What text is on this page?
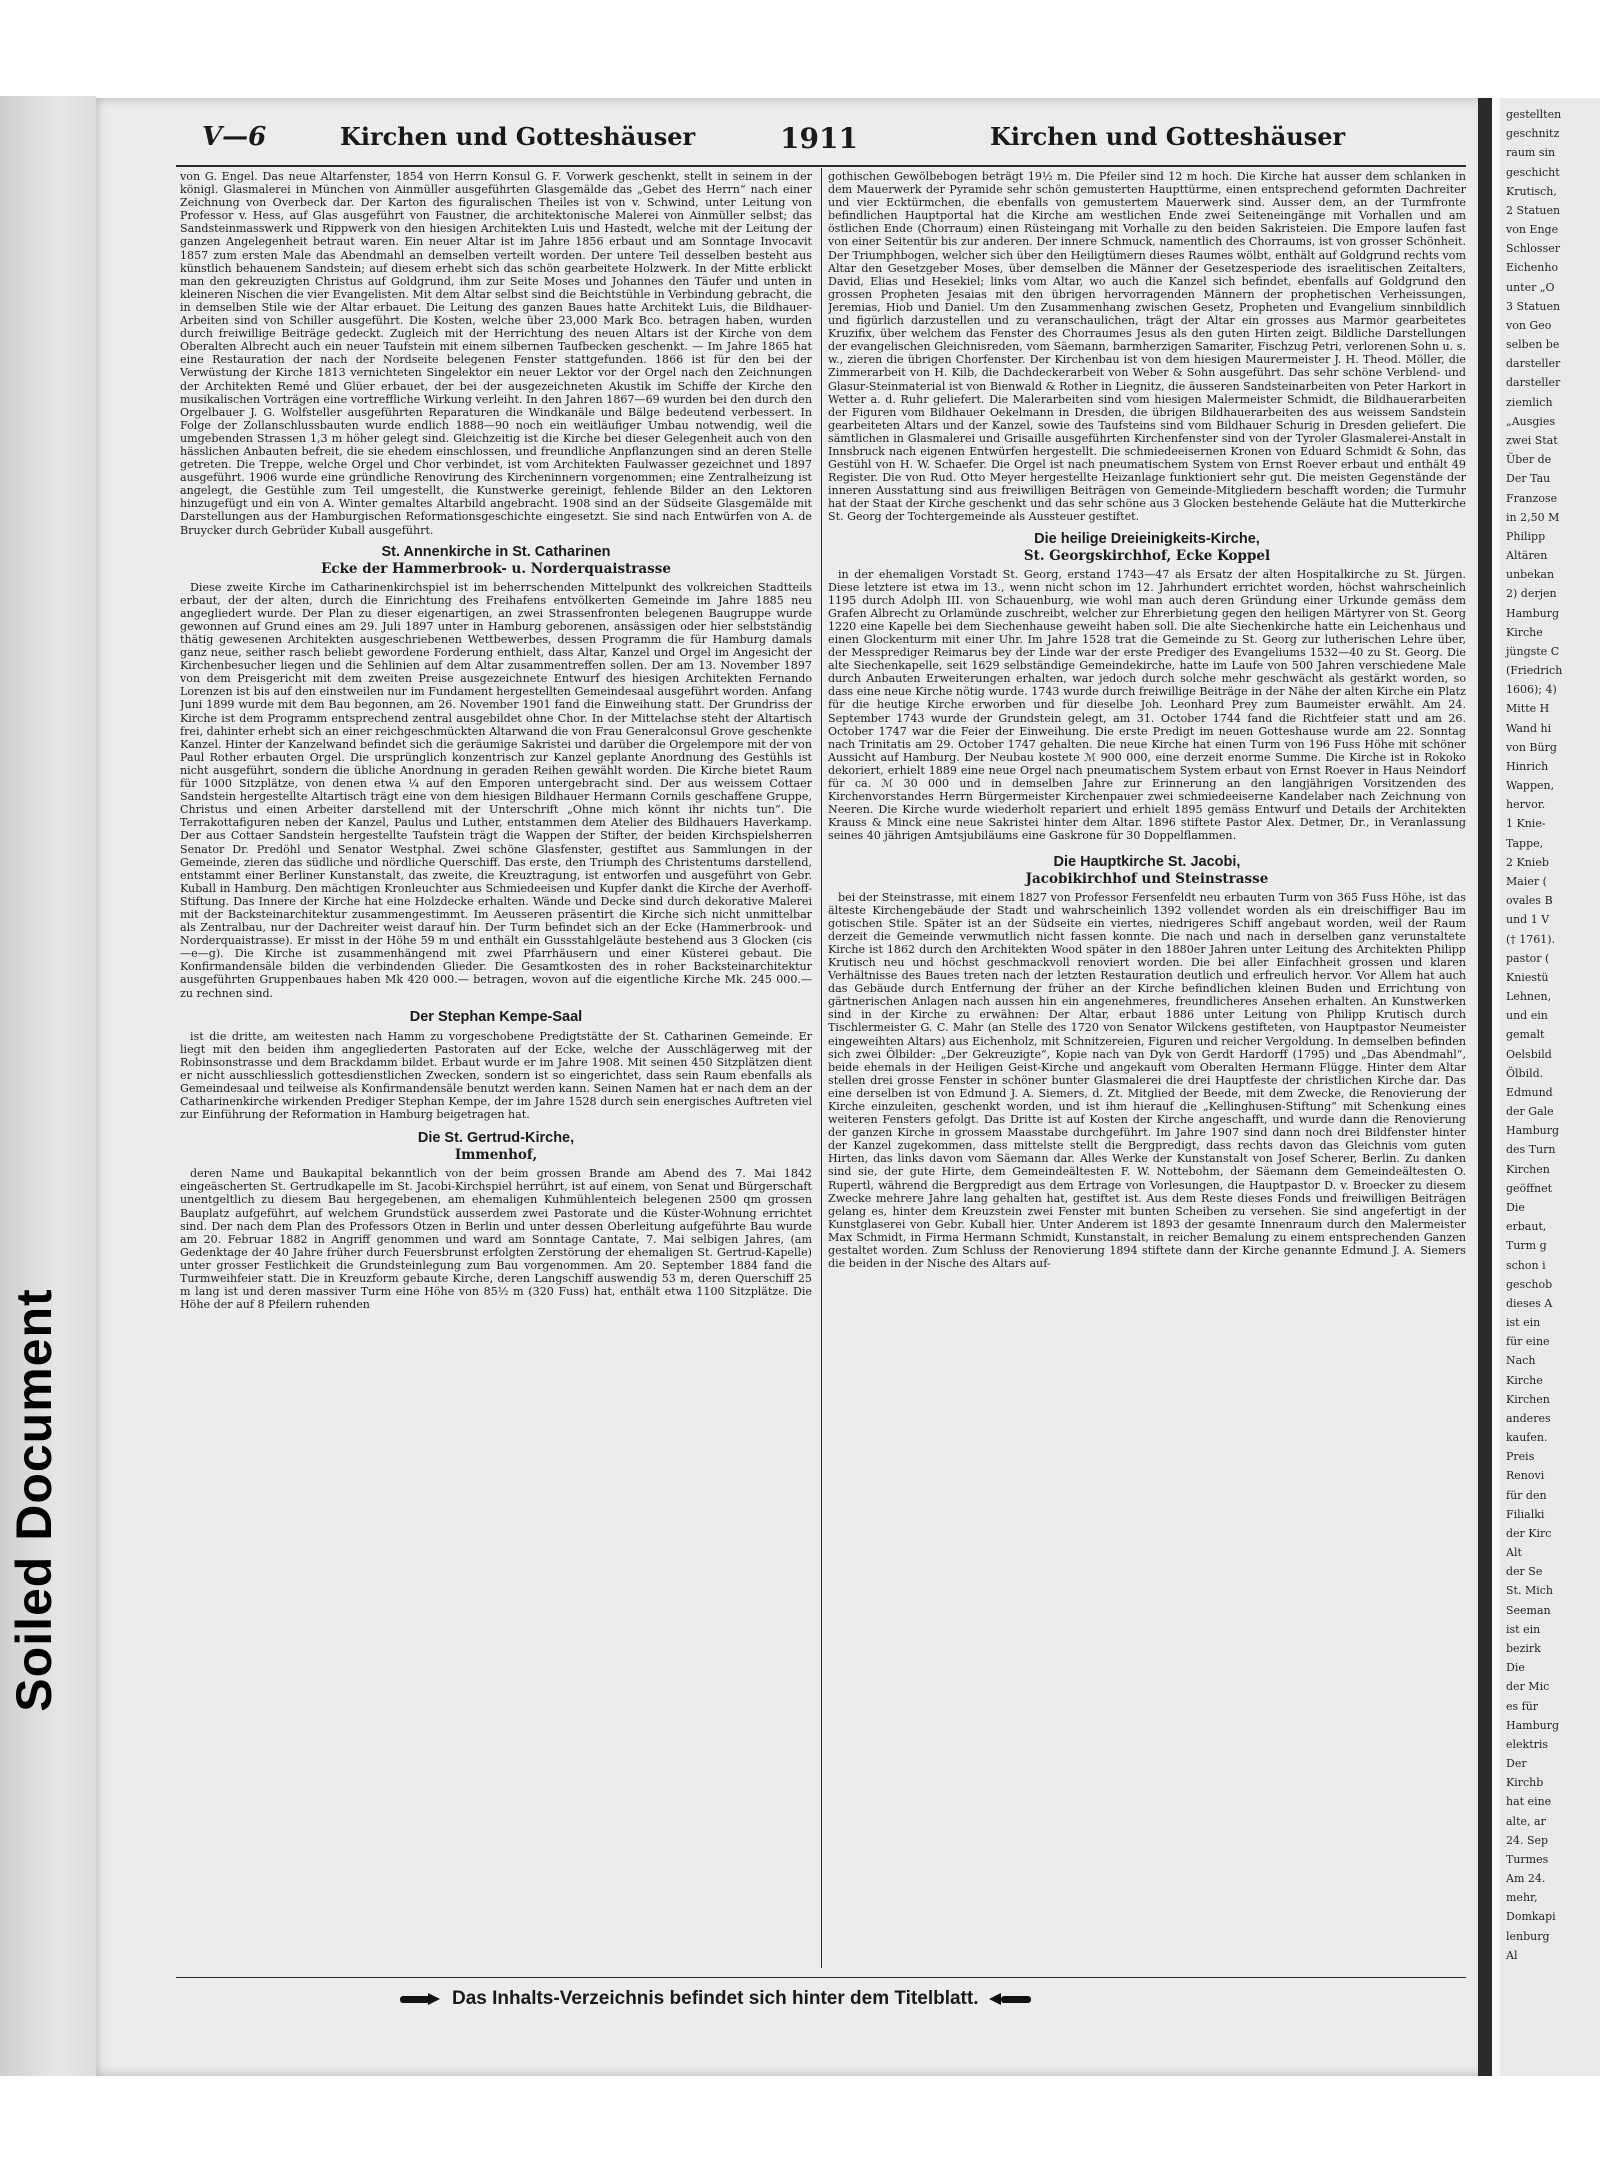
gestellten
geschnitz
raum sin
geschicht
Krutisch,
2 Statuen
von Enge
Schlosser
Eichenho
unter „O
3 Statuen
von Geo
selben be
darsteller
darsteller
ziemlich
„Ausgies
zwei Stat
Über de
Der Tau
Franzose
in 2,50 M
Philipp
Altären
unbekan
2) derjen
Hamburg
Kirche
jüngste C
(Friedrich
1606); 4)
Mitte H
Wand hi
von Bürg
Hinrich
Wappen,
hervor.
1 Knie-
Tappe,
2 Knieb
Maier (
ovales B
und 1 V
(† 1761).
pastor (
Kniestü
Lehnen,
und ein
gemalt
Oelsbild
Ölbild.
Edmund
der Gale
Hamburg
des Turn
Kirchen
geöffnet
Die
erbaut,
Turm g
schon i
geschob
dieses A
ist ein
für eine
Nach
Kirche
Kirchen
anderes
kaufen.
Preis
Renovi
für den
Filialki
der Kirc
Alt
der Se
St. Mich
Seeman
ist ein
bezirk
Die
der Mic
es für
Hamburg
elektris
Der
Kirchb
hat eine
alte, ar
24. Sep
Turmes
Am 24.
mehr,
Domkapi
lenburg
Al
Soiled Document
V—6	Kirchen und Gotteshäuser	1911	Kirchen und Gotteshäuser

von G. Engel. Das neue Altarfenster, 1854 von Herrn Konsul G. F. Vorwerk geschenkt, stellt in seinem in der königl. Glasmalerei in München von Ainmüller ausgeführten Glasgemälde das „Gebet des Herrn“ nach einer Zeichnung von Overbeck dar. Der Karton des figuralischen Theiles ist von v. Schwind, unter Leitung von Professor v. Hess, auf Glas ausgeführt von Faustner, die architektonische Malerei von Ainmüller selbst; das Sandsteinmasswerk und Rippwerk von den hiesigen Architekten Luis und Hastedt, welche mit der Leitung der ganzen Angelegenheit betraut waren. Ein neuer Altar ist im Jahre 1856 erbaut und am Sonntage Invocavit 1857 zum ersten Male das Abendmahl an demselben verteilt worden. Der untere Teil desselben besteht aus künstlich behauenem Sandstein; auf diesem erhebt sich das schön gearbeitete Holzwerk. In der Mitte erblickt man den gekreuzigten Christus auf Goldgrund, ihm zur Seite Moses und Johannes den Täufer und unten in kleineren Nischen die vier Evangelisten. Mit dem Altar selbst sind die Beichtstühle in Verbindung gebracht, die in demselben Stile wie der Altar erbauet. Die Leitung des ganzen Baues hatte Architekt Luis, die Bildhauer-Arbeiten sind von Schiller ausgeführt. Die Kosten, welche über 23,000 Mark Bco. betragen haben, wurden durch freiwillige Beiträge gedeckt. Zugleich mit der Herrichtung des neuen Altars ist der Kirche von dem Oberalten Albrecht auch ein neuer Taufstein mit einem silbernen Taufbecken geschenkt. — Im Jahre 1865 hat eine Restauration der nach der Nordseite belegenen Fenster stattgefunden. 1866 ist für den bei der Verwüstung der Kirche 1813 vernichteten Singelektor ein neuer Lektor vor der Orgel nach den Zeichnungen der Architekten Remé und Glüer erbauet, der bei der ausgezeichneten Akustik im Schiffe der Kirche den musikalischen Vorträgen eine vortreffliche Wirkung verleiht. In den Jahren 1867—69 wurden bei den durch den Orgelbauer J. G. Wolfsteller ausgeführten Reparaturen die Windkanäle und Bälge bedeutend verbessert. In Folge der Zollanschlussbauten wurde endlich 1888—90 noch ein weitläufiger Umbau notwendig, weil die umgebenden Strassen 1,3 m höher gelegt sind. Gleichzeitig ist die Kirche bei dieser Gelegenheit auch von den hässlichen Anbauten befreit, die sie ehedem einschlossen, und freundliche Anpflanzungen sind an deren Stelle getreten. Die Treppe, welche Orgel und Chor verbindet, ist vom Architekten Faulwasser gezeichnet und 1897 ausgeführt. 1906 wurde eine gründliche Renovirung des Kircheninnern vorgenommen; eine Zentralheizung ist angelegt, die Gestühle zum Teil umgestellt, die Kunstwerke gereinigt, fehlende Bilder an den Lektoren hinzugefügt und ein von A. Winter gemaltes Altarbild angebracht. 1908 sind an der Südseite Glasgemälde mit Darstellungen aus der Hamburgischen Reformationsgeschichte eingesetzt. Sie sind nach Entwürfen von A. de Bruycker durch Gebrüder Kuball ausgeführt.

St. Annenkirche in St. Catharinen
Ecke der Hammerbrook- u. Norderquaistrasse

Diese zweite Kirche im Catharinenkirchspiel ist im beherrschenden Mittelpunkt des volkreichen Stadtteils erbaut, der der alten, durch die Einrichtung des Freihafens entvölkerten Gemeinde im Jahre 1885 neu angegliedert wurde. Der Plan zu dieser eigenartigen, an zwei Strassenfronten belegenen Baugruppe wurde gewonnen auf Grund eines am 29. Juli 1897 unter in Hamburg geborenen, ansässigen oder hier selbstständig thätig gewesenen Architekten ausgeschriebenen Wettbewerbes, dessen Programm die für Hamburg damals ganz neue, seither rasch beliebt gewordene Forderung enthielt, dass Altar, Kanzel und Orgel im Angesicht der Kirchenbesucher liegen und die Sehlinien auf dem Altar zusammentreffen sollen. Der am 13. November 1897 von dem Preisgericht mit dem zweiten Preise ausgezeichnete Entwurf des hiesigen Architekten Fernando Lorenzen ist bis auf den einstweilen nur im Fundament hergestellten Gemeindesaal ausgeführt worden. Anfang Juni 1899 wurde mit dem Bau begonnen, am 26. November 1901 fand die Einweihung statt. Der Grundriss der Kirche ist dem Programm entsprechend zentral ausgebildet ohne Chor. In der Mittelachse steht der Altartisch frei, dahinter erhebt sich an einer reichgeschmückten Altarwand die von Frau Generalconsul Grove geschenkte Kanzel. Hinter der Kanzelwand befindet sich die geräumige Sakristei und darüber die Orgelempore mit der von Paul Rother erbauten Orgel. Die ursprünglich konzentrisch zur Kanzel geplante Anordnung des Gestühls ist nicht ausgeführt, sondern die übliche Anordnung in geraden Reihen gewählt worden. Die Kirche bietet Raum für 1000 Sitzplätze, von denen etwa ¼ auf den Emporen untergebracht sind. Der aus weissem Cottaer Sandstein hergestellte Altartisch trägt eine von dem hiesigen Bildhauer Hermann Cornils geschaffene Gruppe, Christus und einen Arbeiter darstellend mit der Unterschrift „Ohne mich könnt ihr nichts tun“. Die Terrakottafiguren neben der Kanzel, Paulus und Luther, entstammen dem Atelier des Bildhauers Haverkamp. Der aus Cottaer Sandstein hergestellte Taufstein trägt die Wappen der Stifter, der beiden Kirchspielsherren Senator Dr. Predöhl und Senator Westphal. Zwei schöne Glasfenster, gestiftet aus Sammlungen in der Gemeinde, zieren das südliche und nördliche Querschiff. Das erste, den Triumph des Christentums darstellend, entstammt einer Berliner Kunstanstalt, das zweite, die Kreuztragung, ist entworfen und ausgeführt von Gebr. Kuball in Hamburg. Den mächtigen Kronleuchter aus Schmiedeeisen und Kupfer dankt die Kirche der Averhoff-Stiftung. Das Innere der Kirche hat eine Holzdecke erhalten. Wände und Decke sind durch dekorative Malerei mit der Backsteinarchitektur zusammengestimmt. Im Aeusseren präsentirt die Kirche sich nicht unmittelbar als Zentralbau, nur der Dachreiter weist darauf hin. Der Turm befindet sich an der Ecke (Hammerbrook- und Norderquaistrasse). Er misst in der Höhe 59 m und enthält ein Gussstahlgeläute bestehend aus 3 Glocken (cis—e—g). Die Kirche ist zusammenhängend mit zwei Pfarrhäusern und einer Küsterei gebaut. Die Konfirmandensäle bilden die verbindenden Glieder. Die Gesamtkosten des in roher Backsteinarchitektur ausgeführten Gruppenbaues haben Mk 420 000.— betragen, wovon auf die eigentliche Kirche Mk. 245 000.— zu rechnen sind.

Der Stephan Kempe-Saal

ist die dritte, am weitesten nach Hamm zu vorgeschobene Predigtstätte der St. Catharinen Gemeinde. Er liegt mit den beiden ihm angegliederten Pastoraten auf der Ecke, welche der Ausschlägerweg mit der Robinsonstrasse und dem Brackdamm bildet. Erbaut wurde er im Jahre 1908. Mit seinen 450 Sitzplätzen dient er nicht ausschliesslich gottesdienstlichen Zwecken, sondern ist so eingerichtet, dass sein Raum ebenfalls als Gemeindesaal und teilweise als Konfirmandensäle benutzt werden kann. Seinen Namen hat er nach dem an der Catharinenkirche wirkenden Prediger Stephan Kempe, der im Jahre 1528 durch sein energisches Auftreten viel zur Einführung der Reformation in Hamburg beigetragen hat.

Die St. Gertrud-Kirche,
Immenhof,

deren Name und Baukapital bekanntlich von der beim grossen Brande am Abend des 7. Mai 1842 eingeäscherten St. Gertrudkapelle im St. Jacobi-Kirchspiel herrührt, ist auf einem, von Senat und Bürgerschaft unentgeltlich zu diesem Bau hergegebenen, am ehemaligen Kuhmühlenteich belegenen 2500 qm grossen Bauplatz aufgeführt, auf welchem Grundstück ausserdem zwei Pastorate und die Küster-Wohnung errichtet sind. Der nach dem Plan des Professors Otzen in Berlin und unter dessen Oberleitung aufgeführte Bau wurde am 20. Februar 1882 in Angriff genommen und ward am Sonntage Cantate, 7. Mai selbigen Jahres, (am Gedenktage der 40 Jahre früher durch Feuersbrunst erfolgten Zerstörung der ehemaligen St. Gertrud-Kapelle) unter grosser Festlichkeit die Grundsteinlegung zum Bau vorgenommen. Am 20. September 1884 fand die Turmweihfeier statt. Die in Kreuzform gebaute Kirche, deren Langschiff auswendig 53 m, deren Querschiff 25 m lang ist und deren massiver Turm eine Höhe von 85½ m (320 Fuss) hat, enthält etwa 1100 Sitzplätze. Die Höhe der auf 8 Pfeilern ruhenden

gothischen Gewölbebogen beträgt 19½ m. Die Pfeiler sind 12 m hoch. Die Kirche hat ausser dem schlanken in dem Mauerwerk der Pyramide sehr schön gemusterten Haupttürme, einen entsprechend geformten Dachreiter und vier Ecktürmchen, die ebenfalls von gemustertem Mauerwerk sind. Ausser dem, an der Turmfronte befindlichen Hauptportal hat die Kirche am westlichen Ende zwei Seiteneingänge mit Vorhallen und am östlichen Ende (Chorraum) einen Rüsteingang mit Vorhalle zu den beiden Sakristeien. Die Empore laufen fast von einer Seitentür bis zur anderen. Der innere Schmuck, namentlich des Chorraums, ist von grosser Schönheit. Der Triumphbogen, welcher sich über den Heiligtümern dieses Raumes wölbt, enthält auf Goldgrund rechts vom Altar den Gesetzgeber Moses, über demselben die Männer der Gesetzesperiode des israelitischen Zeitalters, David, Elias und Hesekiel; links vom Altar, wo auch die Kanzel sich befindet, ebenfalls auf Goldgrund den grossen Propheten Jesaias mit den übrigen hervorragenden Männern der prophetischen Verheissungen, Jeremias, Hiob und Daniel. Um den Zusammenhang zwischen Gesetz, Propheten und Evangelium sinnbildlich und figürlich darzustellen und zu veranschaulichen, trägt der Altar ein grosses aus Marmor gearbeitetes Kruzifix, über welchem das Fenster des Chorraumes Jesus als den guten Hirten zeigt. Bildliche Darstellungen der evangelischen Gleichnisreden, vom Säemann, barmherzigen Samariter, Fischzug Petri, verlorenen Sohn u. s. w., zieren die übrigen Chorfenster. Der Kirchenbau ist von dem hiesigen Maurermeister J. H. Theod. Möller, die Zimmerarbeit von H. Kilb, die Dachdeckerarbeit von Weber & Sohn ausgeführt. Das sehr schöne Verblend- und Glasur-Steinmaterial ist von Bienwald & Rother in Liegnitz, die äusseren Sandsteinarbeiten von Peter Harkort in Wetter a. d. Ruhr geliefert. Die Malerarbeiten sind vom hiesigen Malermeister Schmidt, die Bildhauerarbeiten der Figuren vom Bildhauer Oekelmann in Dresden, die übrigen Bildhauerarbeiten des aus weissem Sandstein gearbeiteten Altars und der Kanzel, sowie des Taufsteins sind vom Bildhauer Schurig in Dresden geliefert. Die sämtlichen in Glasmalerei und Grisaille ausgeführten Kirchenfenster sind von der Tyroler Glasmalerei-Anstalt in Innsbruck nach eigenen Entwürfen hergestellt. Die schmiedeeisernen Kronen von Eduard Schmidt & Sohn, das Gestühl von H. W. Schaefer. Die Orgel ist nach pneumatischem System von Ernst Roever erbaut und enthält 49 Register. Die von Rud. Otto Meyer hergestellte Heizanlage funktioniert sehr gut. Die meisten Gegenstände der inneren Ausstattung sind aus freiwilligen Beiträgen von Gemeinde-Mitgliedern beschafft worden; die Turmuhr hat der Staat der Kirche geschenkt und das sehr schöne aus 3 Glocken bestehende Geläute hat die Mutterkirche St. Georg der Tochtergemeinde als Aussteuer gestiftet.

Die heilige Dreieinigkeits-Kirche,
St. Georgskirchhof, Ecke Koppel

in der ehemaligen Vorstadt St. Georg, erstand 1743—47 als Ersatz der alten Hospitalkirche zu St. Jürgen. Diese letztere ist etwa im 13., wenn nicht schon im 12. Jahrhundert errichtet worden, höchst wahrscheinlich 1195 durch Adolph III. von Schauenburg, wie wohl man auch deren Gründung einer Urkunde gemäss dem Grafen Albrecht zu Orlamünde zuschreibt, welcher zur Ehrerbietung gegen den heiligen Märtyrer von St. Georg 1220 eine Kapelle bei dem Siechenhause geweiht haben soll. Die alte Siechenkirche hatte ein Leichenhaus und einen Glockenturm mit einer Uhr. Im Jahre 1528 trat die Gemeinde zu St. Georg zur lutherischen Lehre über, der Messprediger Reimarus bey der Linde war der erste Prediger des Evangeliums 1532—40 zu St. Georg. Die alte Siechenkapelle, seit 1629 selbständige Gemeindekirche, hatte im Laufe von 500 Jahren verschiedene Male durch Anbauten Erweiterungen erhalten, war jedoch durch solche mehr geschwächt als gestärkt worden, so dass eine neue Kirche nötig wurde. 1743 wurde durch freiwillige Beiträge in der Nähe der alten Kirche ein Platz für die heutige Kirche erworben und für dieselbe Joh. Leonhard Prey zum Baumeister erwählt. Am 24. September 1743 wurde der Grundstein gelegt, am 31. October 1744 fand die Richtfeier statt und am 26. October 1747 war die Feier der Einweihung. Die erste Predigt im neuen Gotteshause wurde am 22. Sonntag nach Trinitatis am 29. October 1747 gehalten. Die neue Kirche hat einen Turm von 196 Fuss Höhe mit schöner Aussicht auf Hamburg. Der Neubau kostete ℳ 900 000, eine derzeit enorme Summe. Die Kirche ist in Rokoko dekoriert, erhielt 1889 eine neue Orgel nach pneumatischem System erbaut von Ernst Roever in Haus Neindorf für ca. ℳ 30 000 und in demselben Jahre zur Erinnerung an den langjährigen Vorsitzenden des Kirchenvorstandes Herrn Bürgermeister Kirchenpauer zwei schmiedeeiserne Kandelaber nach Zeichnung von Neeren. Die Kirche wurde wiederholt repariert und erhielt 1895 gemäss Entwurf und Details der Architekten Krauss & Minck eine neue Sakristei hinter dem Altar. 1896 stiftete Pastor Alex. Detmer, Dr., in Veranlassung seines 40 jährigen Amtsjubiläums eine Gaskrone für 30 Doppelflammen.

Die Hauptkirche St. Jacobi,
Jacobikirchhof und Steinstrasse

bei der Steinstrasse, mit einem 1827 von Professor Fersenfeldt neu erbauten Turm von 365 Fuss Höhe, ist das älteste Kirchengebäude der Stadt und wahrscheinlich 1392 vollendet worden als ein dreischiffiger Bau im gotischen Stile. Später ist an der Südseite ein viertes, niedrigeres Schiff angebaut worden, weil der Raum derzeit die Gemeinde verwmutlich nicht fassen konnte. Die nach und nach in derselben ganz verunstaltete Kirche ist 1862 durch den Architekten Wood später in den 1880er Jahren unter Leitung des Architekten Philipp Krutisch neu und höchst geschmackvoll renoviert worden. Die bei aller Einfachheit grossen und klaren Verhältnisse des Baues treten nach der letzten Restauration deutlich und erfreulich hervor. Vor Allem hat auch das Gebäude durch Entfernung der früher an der Kirche befindlichen kleinen Buden und Errichtung von gärtnerischen Anlagen nach aussen hin ein angenehmeres, freundlicheres Ansehen erhalten. An Kunstwerken sind in der Kirche zu erwähnen: Der Altar, erbaut 1886 unter Leitung von Philipp Krutisch durch Tischlermeister G. C. Mahr (an Stelle des 1720 von Senator Wilckens gestifteten, von Hauptpastor Neumeister eingeweihten Altars) aus Eichenholz, mit Schnitzereien, Figuren und reicher Vergoldung. In demselben befinden sich zwei Ölbilder: „Der Gekreuzigte“, Kopie nach van Dyk von Gerdt Hardorff (1795) und „Das Abendmahl“, beide ehemals in der Heiligen Geist-Kirche und angekauft vom Oberalten Hermann Flügge. Hinter dem Altar stellen drei grosse Fenster in schöner bunter Glasmalerei die drei Hauptfeste der christlichen Kirche dar. Das eine derselben ist von Edmund J. A. Siemers, d. Zt. Mitglied der Beede, mit dem Zwecke, die Renovierung der Kirche einzuleiten, geschenkt worden, und ist ihm hierauf die „Kellinghusen-Stiftung“ mit Schenkung eines weiteren Fensters gefolgt. Das Dritte ist auf Kosten der Kirche angeschafft, und wurde dann die Renovierung der ganzen Kirche in grossem Maasstabe durchgeführt. Im Jahre 1907 sind dann noch drei Bildfenster hinter der Kanzel zugekommen, dass mittelste stellt die Bergpredigt, dass rechts davon das Gleichnis vom guten Hirten, das links davon vom Säemann dar. Alles Werke der Kunstanstalt von Josef Scherer, Berlin. Zu danken sind sie, der gute Hirte, dem Gemeindeältesten F. W. Nottebohm, der Säemann dem Gemeindeältesten O. Rupertl, während die Bergpredigt aus dem Ertrage von Vorlesungen, die Hauptpastor D. v. Broecker zu diesem Zwecke mehrere Jahre lang gehalten hat, gestiftet ist. Aus dem Reste dieses Fonds und freiwilligen Beiträgen gelang es, hinter dem Kreuzstein zwei Fenster mit bunten Scheiben zu versehen. Sie sind angefertigt in der Kunstglaserei von Gebr. Kuball hier. Unter Anderem ist 1893 der gesamte Innenraum durch den Malermeister Max Schmidt, in Firma Hermann Schmidt, Kunstanstalt, in reicher Bemalung zu einem entsprechenden Ganzen gestaltet worden. Zum Schluss der Renovierung 1894 stiftete dann der Kirche genannte Edmund J. A. Siemers die beiden in der Nische des Altars auf-

Das Inhalts-Verzeichnis befindet sich hinter dem Titelblatt.
